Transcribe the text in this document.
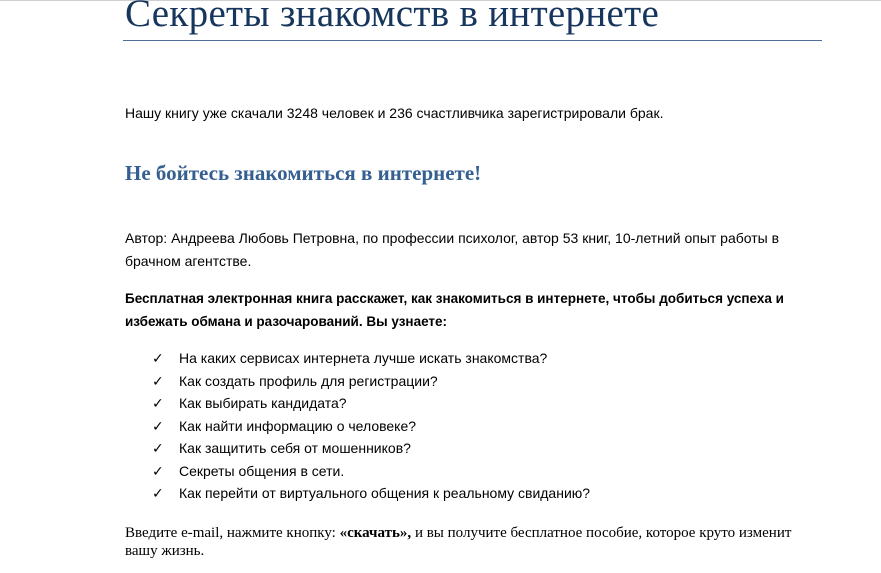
Секреты знакомств в интернете

Нашу книгу уже скачали 3248 человек и 236 счастливчика зарегистрировали брак.

Не бойтесь знакомиться в интернете!

Автор: Андреева Любовь Петровна, по профессии психолог, автор 53 книг, 10-летний опыт работы в брачном агентстве.

Бесплатная электронная книга расскажет, как знакомиться в интернете, чтобы добиться успеха и избежать обмана и разочарований. Вы узнаете:

✓ На каких сервисах интернета лучше искать знакомства?
✓ Как создать профиль для регистрации?
✓ Как выбирать кандидата?
✓ Как найти информацию о человеке?
✓ Как защитить себя от мошенников?
✓ Секреты общения в сети.
✓ Как перейти от виртуального общения к реальному свиданию?

Введите e-mail, нажмите кнопку: «скачать», и вы получите бесплатное пособие, которое круто изменит вашу жизнь.
